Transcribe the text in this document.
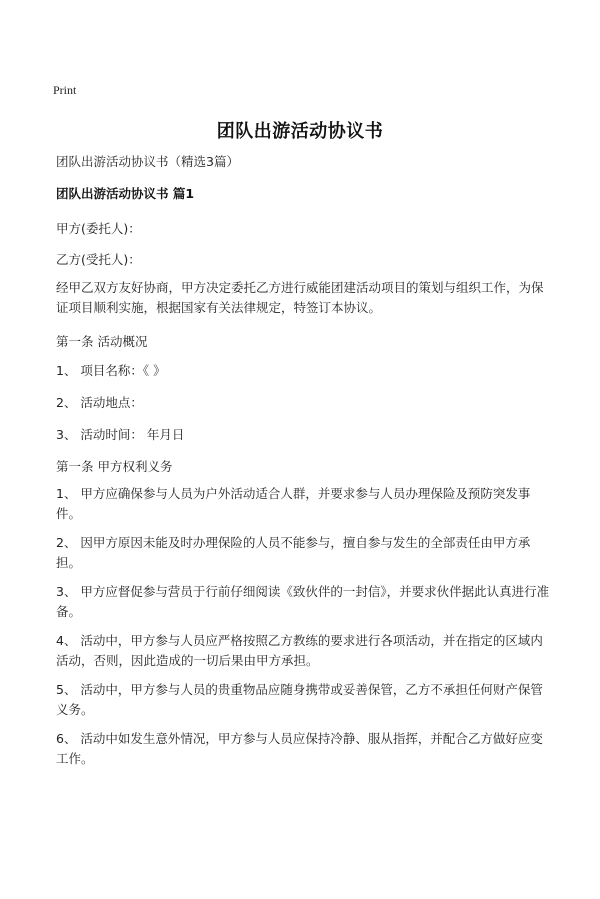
Print
团队出游活动协议书
团队出游活动协议书（精选3篇）
团队出游活动协议书 篇1
甲方(委托人)：
乙方(受托人)：
经甲乙双方友好协商，甲方决定委托乙方进行威能团建活动项目的策划与组织工作，为保证项目顺利实施，根据国家有关法律规定，特签订本协议。
第一条 活动概况
1、 项目名称：《 》
2、 活动地点：
3、 活动时间： 年月日
第一条 甲方权利义务
1、 甲方应确保参与人员为户外活动适合人群，并要求参与人员办理保险及预防突发事件。
2、 因甲方原因未能及时办理保险的人员不能参与，擅自参与发生的全部责任由甲方承担。
3、 甲方应督促参与营员于行前仔细阅读《致伙伴的一封信》，并要求伙伴据此认真进行准备。
4、 活动中，甲方参与人员应严格按照乙方教练的要求进行各项活动，并在指定的区域内活动，否则，因此造成的一切后果由甲方承担。
5、 活动中，甲方参与人员的贵重物品应随身携带或妥善保管，乙方不承担任何财产保管义务。
6、 活动中如发生意外情况，甲方参与人员应保持冷静、服从指挥，并配合乙方做好应变工作。
